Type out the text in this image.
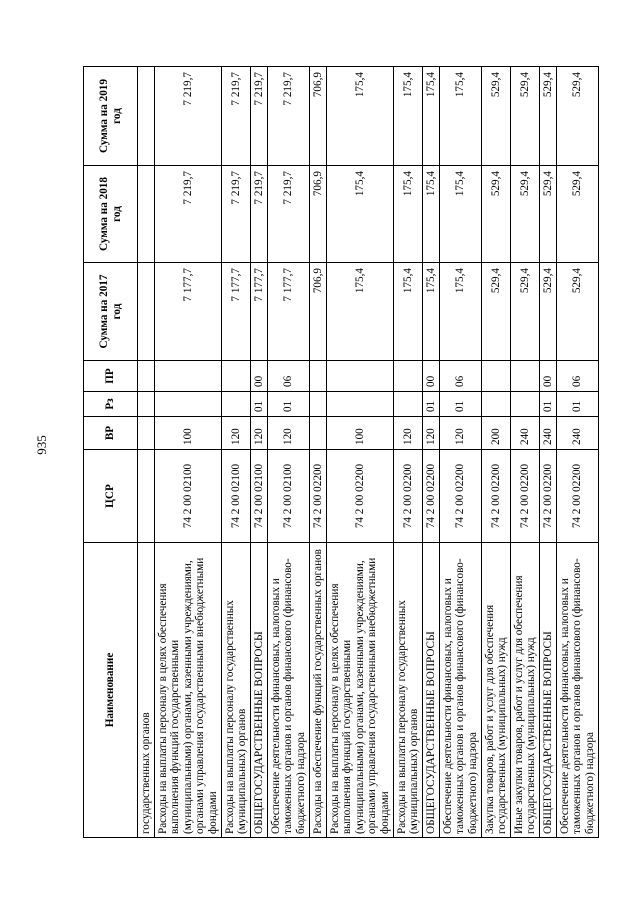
935
Наименование	ЦСР	ВР	Рз	ПР	Сумма на 2017 год	Сумма на 2018 год	Сумма на 2019 год
государственных органов							
Расходы на выплаты персоналу в целях обеспечения выполнения функций государственными (муниципальными) органами, казенными учреждениями, органами управления государственными внебюджетными фондами	74 2 00 02100	100			7 177,7	7 219,7	7 219,7
Расходы на выплаты персоналу государственных (муниципальных) органов	74 2 00 02100	120			7 177,7	7 219,7	7 219,7
ОБЩЕГОСУДАРСТВЕННЫЕ ВОПРОСЫ	74 2 00 02100	120	01	00	7 177,7	7 219,7	7 219,7
Обеспечение деятельности финансовых, налоговых и таможенных органов и органов финансового (финансово-бюджетного) надзора	74 2 00 02100	120	01	06	7 177,7	7 219,7	7 219,7
Расходы на обеспечение функций государственных органов	74 2 00 02200				706,9	706,9	706,9
Расходы на выплаты персоналу в целях обеспечения выполнения функций государственными (муниципальными) органами, казенными учреждениями, органами управления государственными внебюджетными фондами	74 2 00 02200	100			175,4	175,4	175,4
Расходы на выплаты персоналу государственных (муниципальных) органов	74 2 00 02200	120			175,4	175,4	175,4
ОБЩЕГОСУДАРСТВЕННЫЕ ВОПРОСЫ	74 2 00 02200	120	01	00	175,4	175,4	175,4
Обеспечение деятельности финансовых, налоговых и таможенных органов и органов финансового (финансово-бюджетного) надзора	74 2 00 02200	120	01	06	175,4	175,4	175,4
Закупка товаров, работ и услуг для обеспечения государственных (муниципальных) нужд	74 2 00 02200	200			529,4	529,4	529,4
Иные закупки товаров, работ и услуг для обеспечения государственных (муниципальных) нужд	74 2 00 02200	240			529,4	529,4	529,4
ОБЩЕГОСУДАРСТВЕННЫЕ ВОПРОСЫ	74 2 00 02200	240	01	00	529,4	529,4	529,4
Обеспечение деятельности финансовых, налоговых и таможенных органов и органов финансового (финансово-бюджетного) надзора	74 2 00 02200	240	01	06	529,4	529,4	529,4
